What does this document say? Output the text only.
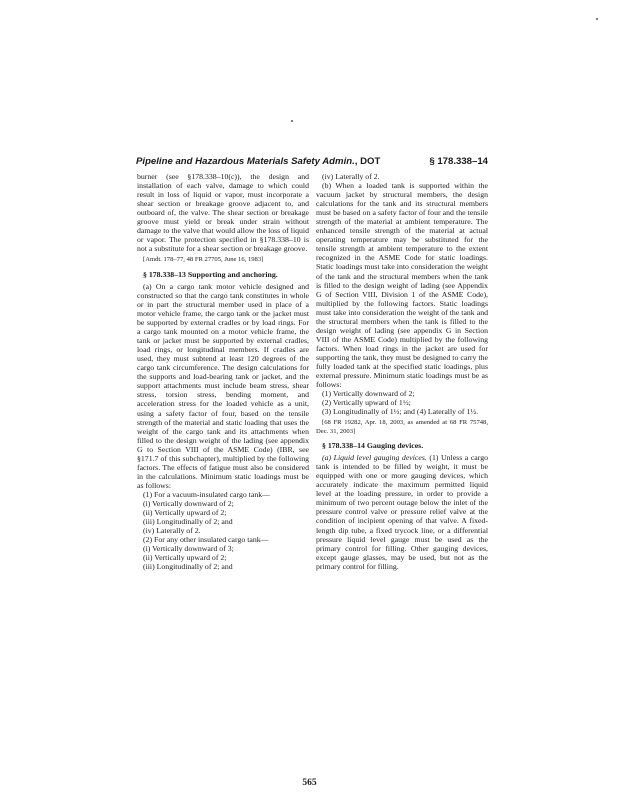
Pipeline and Hazardous Materials Safety Admin., DOT	§ 178.338–14

burner (see §178.338–10(c)), the design and installation of each valve, damage to which could result in loss of liquid or vapor, must incorporate a shear section or breakage groove adjacent to, and outboard of, the valve. The shear section or breakage groove must yield or break under strain without damage to the valve that would allow the loss of liquid or vapor. The protection specified in §178.338–10 is not a substitute for a shear section or breakage groove.

[Amdt. 178–77, 48 FR 27705, June 16, 1983]

§ 178.338–13 Supporting and anchoring.

(a) On a cargo tank motor vehicle designed and constructed so that the cargo tank constitutes in whole or in part the structural member used in place of a motor vehicle frame, the cargo tank or the jacket must be supported by external cradles or by load rings. For a cargo tank mounted on a motor vehicle frame, the tank or jacket must be supported by external cradles, load rings, or longitudinal members. If cradles are used, they must subtend at least 120 degrees of the cargo tank circumference. The design calculations for the supports and load-bearing tank or jacket, and the support attachments must include beam stress, shear stress, torsion stress, bending moment, and acceleration stress for the loaded vehicle as a unit, using a safety factor of four, based on the tensile strength of the material and static loading that uses the weight of the cargo tank and its attachments when filled to the design weight of the lading (see appendix G to Section VIII of the ASME Code) (IBR, see §171.7 of this subchapter), multiplied by the following factors. The effects of fatigue must also be considered in the calculations. Minimum static loadings must be as follows:

(1) For a vacuum-insulated cargo tank—

(i) Vertically downward of 2;

(ii) Vertically upward of 2;

(iii) Longitudinally of 2; and

(iv) Laterally of 2.

(2) For any other insulated cargo tank—

(i) Vertically downward of 3;

(ii) Vertically upward of 2;

(iii) Longitudinally of 2; and

(iv) Laterally of 2.

(b) When a loaded tank is supported within the vacuum jacket by structural members, the design calculations for the tank and its structural members must be based on a safety factor of four and the tensile strength of the material at ambient temperature. The enhanced tensile strength of the material at actual operating temperature may be substituted for the tensile strength at ambient temperature to the extent recognized in the ASME Code for static loadings. Static loadings must take into consideration the weight of the tank and the structural members when the tank is filled to the design weight of lading (see Appendix G of Section VIII, Division 1 of the ASME Code), multiplied by the following factors. Static loadings must take into consideration the weight of the tank and the structural members when the tank is filled to the design weight of lading (see appendix G in Section VIII of the ASME Code) multiplied by the following factors. When load rings in the jacket are used for supporting the tank, they must be designed to carry the fully loaded tank at the specified static loadings, plus external pressure. Minimum static loadings must be as follows:

(1) Vertically downward of 2;

(2) Vertically upward of 1½;

(3) Longitudinally of 1½; and (4) Laterally of 1½.

[68 FR 19282, Apr. 18, 2003, as amended at 68 FR 75748, Dec. 31, 2003]

§ 178.338–14 Gauging devices.

(a) Liquid level gauging devices. (1) Unless a cargo tank is intended to be filled by weight, it must be equipped with one or more gauging devices, which accurately indicate the maximum permitted liquid level at the loading pressure, in order to provide a minimum of two percent outage below the inlet of the pressure control valve or pressure relief valve at the condition of incipient opening of that valve. A fixed-length dip tube, a fixed trycock line, or a differential pressure liquid level gauge must be used as the primary control for filling. Other gauging devices, except gauge glasses, may be used, but not as the primary control for filling.

565
